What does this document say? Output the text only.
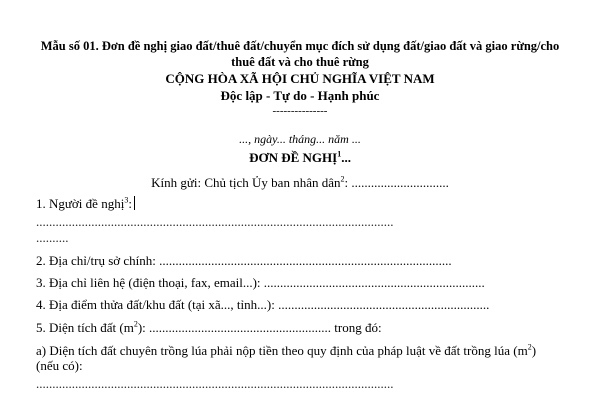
Mẫu số 01. Đơn đề nghị giao đất/thuê đất/chuyển mục đích sử dụng đất/giao đất và giao rừng/cho thuê đất và cho thuê rừng
CỘNG HÒA XÃ HỘI CHỦ NGHĨA VIỆT NAM
Độc lập - Tự do - Hạnh phúc
---------------
..., ngày... tháng... năm ...
ĐƠN ĐỀ NGHỊ$^1$...
Kính gửi: Chủ tịch Ủy ban nhân dân$^2$: ..............................
1. Người đề nghị$^3$:
..............................................................................................................
..........
2. Địa chỉ/trụ sở chính: ..........................................................................................
3. Địa chỉ liên hệ (điện thoại, fax, email...): ....................................................................
4. Địa điểm thửa đất/khu đất (tại xã..., tỉnh...): .................................................................
5. Diện tích đất $(m^2)$: ........................................................ trong đó:
a) Diện tích đất chuyên trồng lúa phải nộp tiền theo quy định của pháp luật về đất trồng lúa $(m^2)$ (nếu có):
..............................................................................................................
